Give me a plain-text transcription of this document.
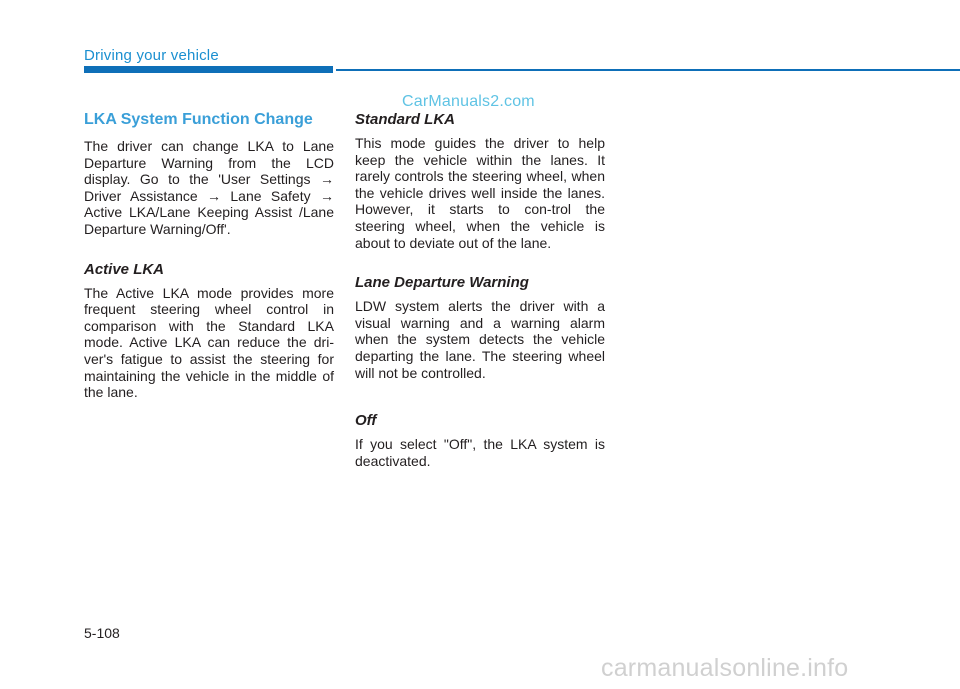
Driving your vehicle
CarManuals2.com
LKA System Function Change

The driver can change LKA to Lane Departure Warning from the LCD display. Go to the 'User Settings → Driver Assistance → Lane Safety → Active LKA/Lane Keeping Assist /Lane Departure Warning/Off'.

Active LKA

The Active LKA mode provides more frequent steering wheel control in comparison with the Standard LKA mode. Active LKA can reduce the dri-ver's fatigue to assist the steering for maintaining the vehicle in the middle of the lane.

Standard LKA

This mode guides the driver to help keep the vehicle within the lanes. It rarely controls the steering wheel, when the vehicle drives well inside the lanes. However, it starts to con-trol the steering wheel, when the vehicle is about to deviate out of the lane.

Lane Departure Warning

LDW system alerts the driver with a visual warning and a warning alarm when the system detects the vehicle departing the lane. The steering wheel will not be controlled.

Off

If you select "Off", the LKA system is deactivated.

5-108
carmanualsonline.info
